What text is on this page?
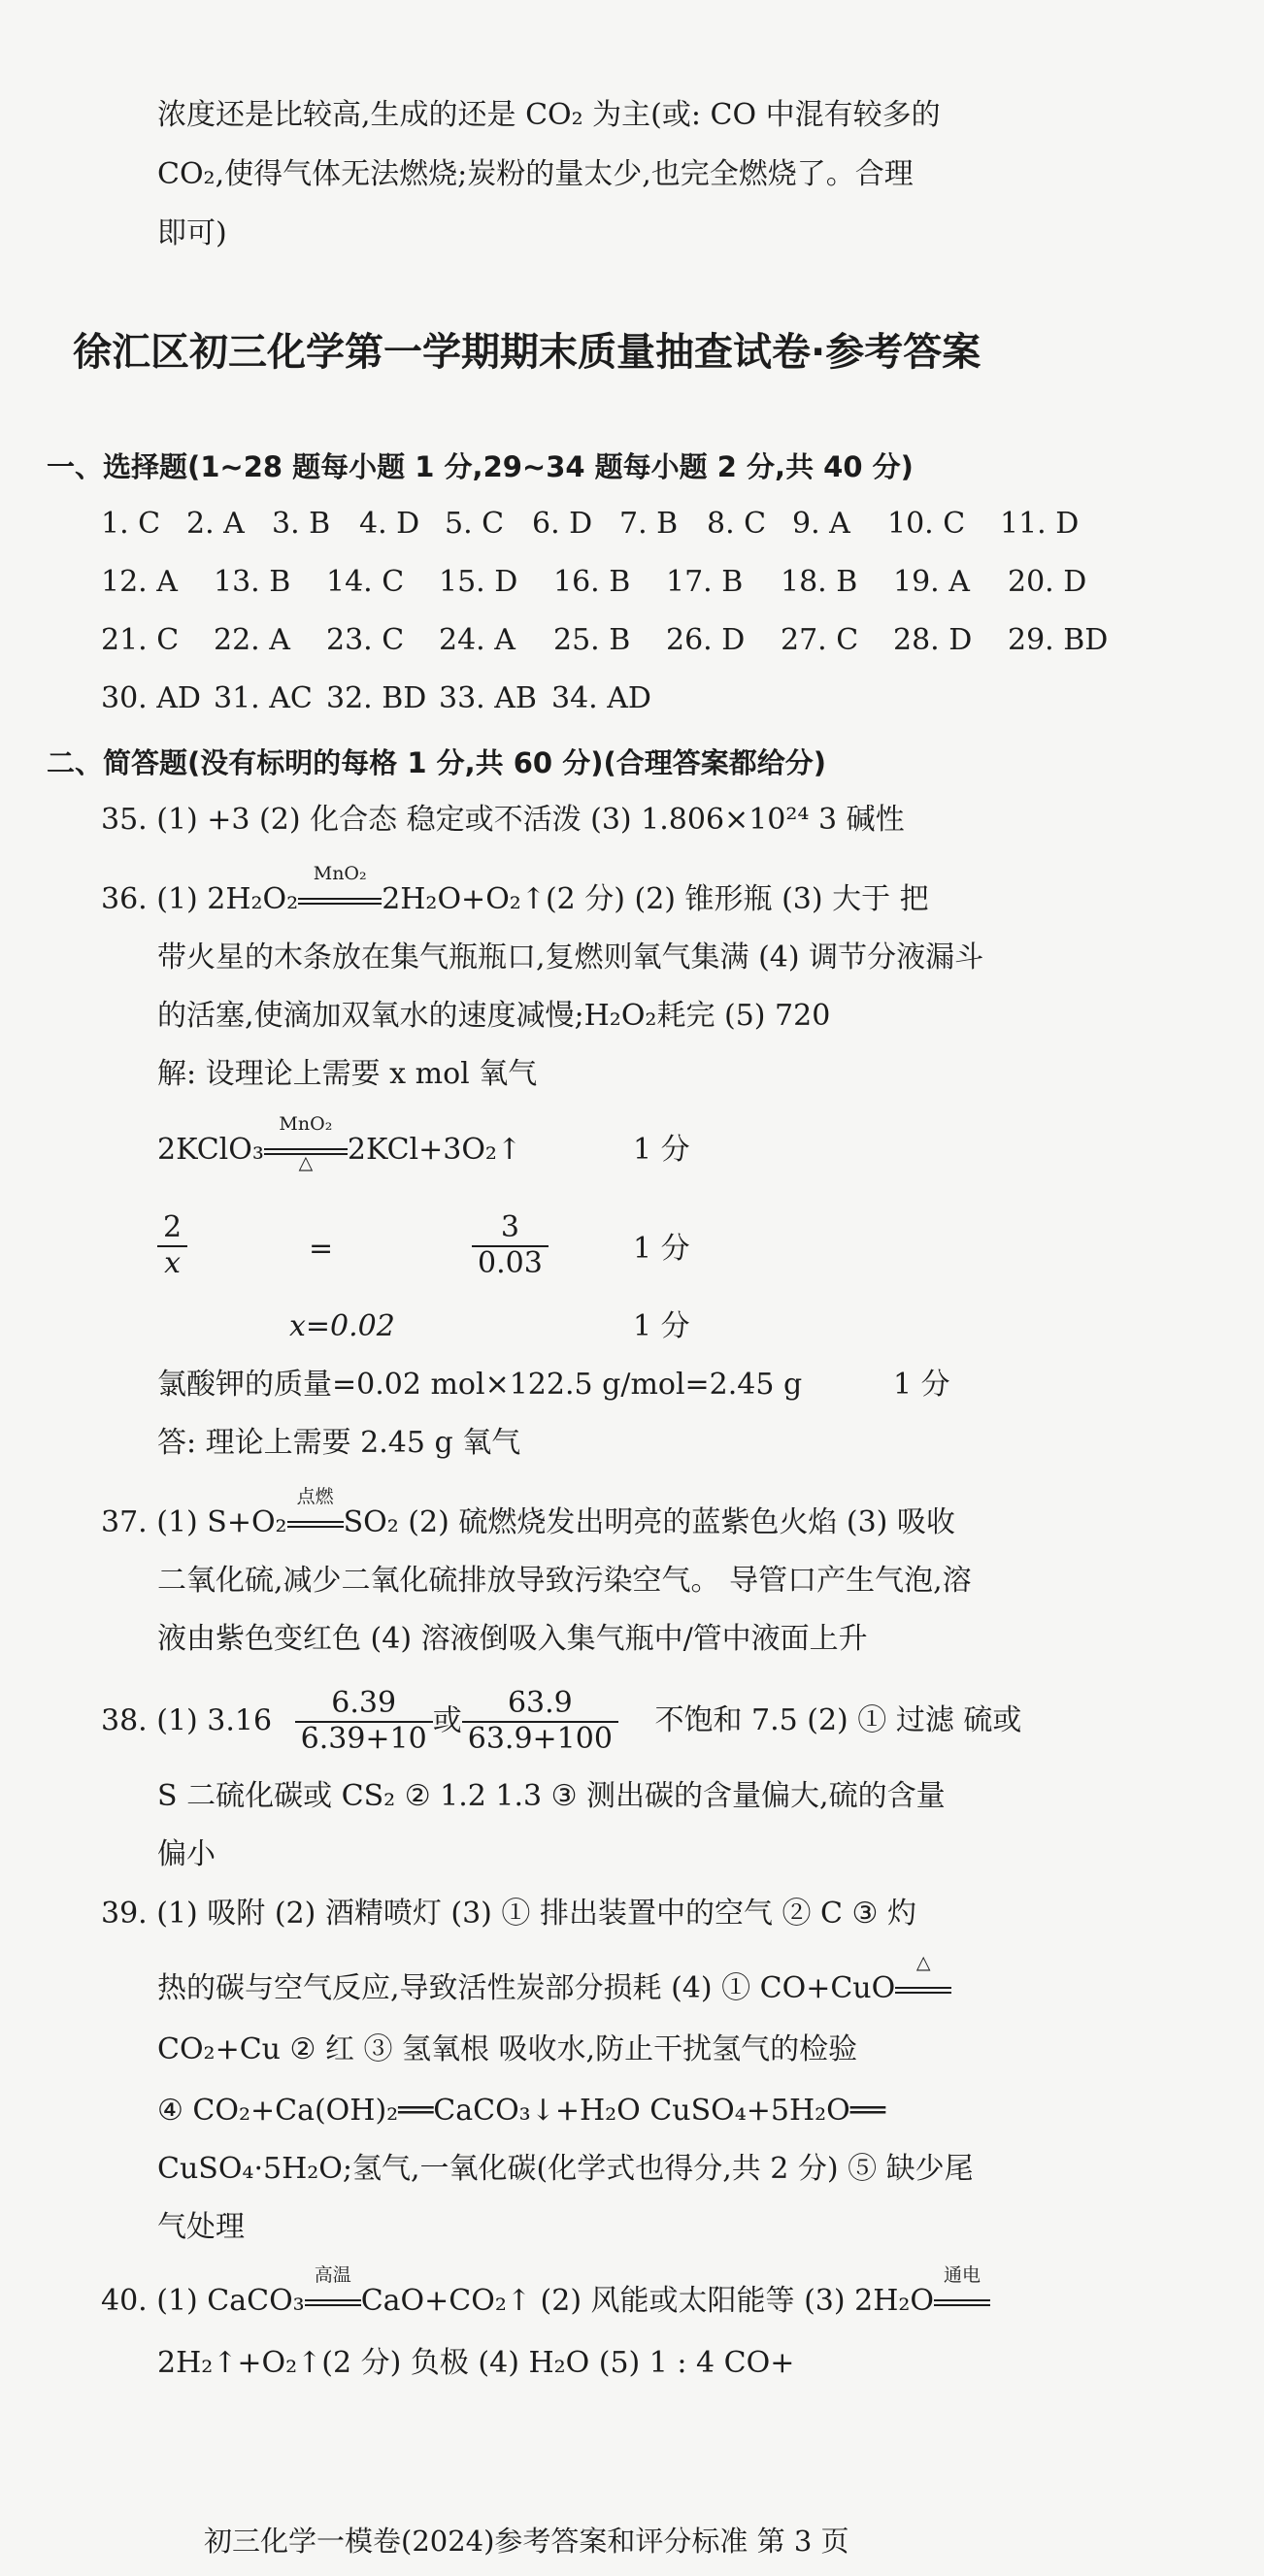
浓度还是比较高,生成的还是 CO₂ 为主(或: CO 中混有较多的
CO₂,使得气体无法燃烧;炭粉的量太少,也完全燃烧了。合理
即可)
徐汇区初三化学第一学期期末质量抽查试卷·参考答案
一、选择题(1~28 题每小题 1 分,29~34 题每小题 2 分,共 40 分)
1. C 2. A 3. B 4. D 5. C 6. D 7. B 8. C 9. A 10. C 11. D
12. A 13. B 14. C 15. D 16. B 17. B 18. B 19. A 20. D
21. C 22. A 23. C 24. A 25. B 26. D 27. C 28. D 29. BD
30. AD 31. AC 32. BD 33. AB 34. AD
二、简答题(没有标明的每格 1 分,共 60 分)(合理答案都给分)
35. (1) +3 (2) 化合态 稳定或不活泼 (3) 1.806×10²⁴ 3 碱性
36. (1) 2H₂O₂
MnO₂
2H₂O+O₂↑(2 分) (2) 锥形瓶 (3) 大于 把
带火星的木条放在集气瓶瓶口,复燃则氧气集满 (4) 调节分液漏斗
的活塞,使滴加双氧水的速度减慢;H₂O₂耗完 (5) 720
解: 设理论上需要 x mol 氧气
2KClO₃
MnO₂
△	2KCl+3O₂↑	1 分
$\frac{2}{x}$	=	$\frac{3}{0.03}$	1 分
x=0.02	1 分
氯酸钾的质量=0.02 mol×122.5 g/mol=2.45 g	1 分
答: 理论上需要 2.45 g 氧气
37. (1) S+O₂
点燃
SO₂ (2) 硫燃烧发出明亮的蓝紫色火焰 (3) 吸收
二氧化硫,减少二氧化硫排放导致污染空气。 导管口产生气泡,溶
液由紫色变红色 (4) 溶液倒吸入集气瓶中/管中液面上升
38. (1) $3.16 \frac{6.39}{6.39+10}$ 或 $\frac{63.9}{63.9+100}$ 不饱和 7.5 (2) ① 过滤 硫或
S 二硫化碳或 CS₂ ② 1.2 1.3 ③ 测出碳的含量偏大,硫的含量
偏小
39. (1) 吸附 (2) 酒精喷灯 (3) ① 排出装置中的空气 ② C ③ 灼
热的碳与空气反应,导致活性炭部分损耗 (4) ① CO+CuO
△
CO₂+Cu ② 红 ③ 氢氧根 吸收水,防止干扰氢气的检验
④ CO₂+Ca(OH)₂══CaCO₃↓+H₂O CuSO₄+5H₂O══
CuSO₄·5H₂O;氢气,一氧化碳(化学式也得分,共 2 分) ⑤ 缺少尾
气处理
40. (1) CaCO₃
高温
CaO+CO₂↑ (2) 风能或太阳能等 (3) 2H₂O
通电
2H₂↑+O₂↑(2 分) 负极 (4) H₂O (5) 1 : 4 CO+
初三化学一模卷(2024)参考答案和评分标准 第 3 页
